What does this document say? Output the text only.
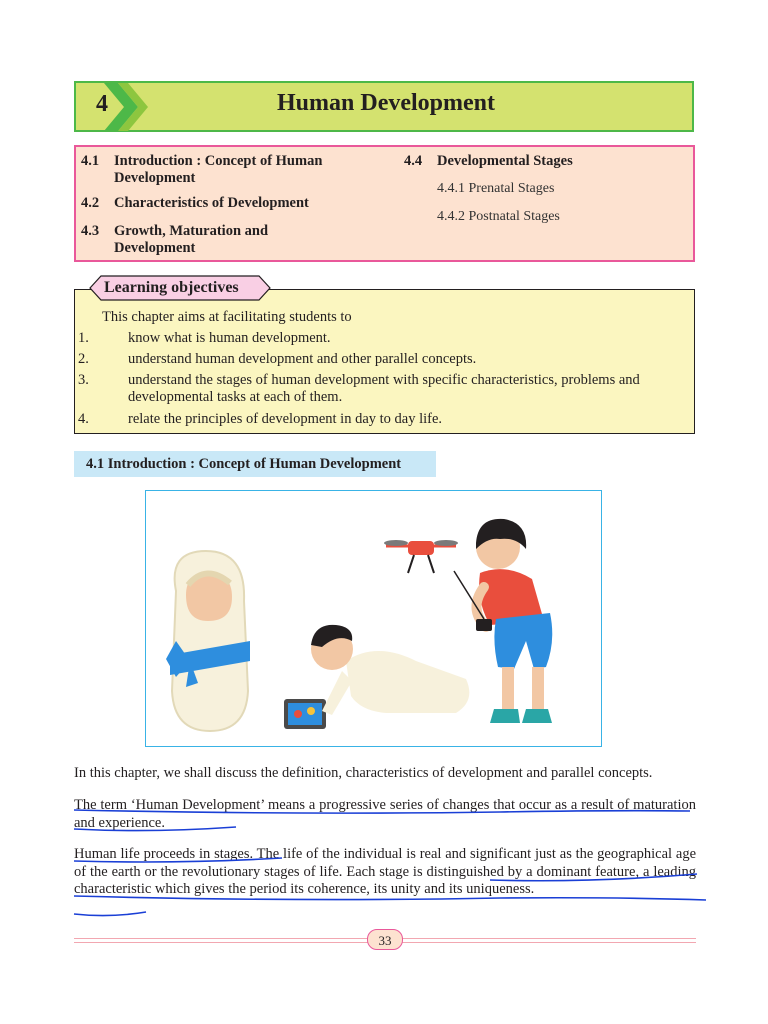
4	Human Development
4.1 Introduction : Concept of Human
Development
4.2 Characteristics of Development
4.3 Growth, Maturation and
Development
4.4 Developmental Stages
4.4.1 Prenatal Stages
4.4.2 Postnatal Stages
Learning objectives
This chapter aims at facilitating students to
1.	know what is human development.
2.	understand human development and other parallel concepts.
3.	understand the stages of human development with specific characteristics, problems and
developmental tasks at each of them.
4.	relate the principles of development in day to day life.
4.1 Introduction : Concept of Human Development
In this chapter, we shall discuss the definition, characteristics of development and parallel concepts.
The term ‘Human Development’ means a progressive series of changes that occur as a result of maturation and experience.
Human life proceeds in stages. The life of the individual is real and significant just as the geographical age of the earth or the revolutionary stages of life. Each stage is distinguished by a dominant feature, a leading characteristic which gives the period its coherence, its unity and its uniqueness.
33
